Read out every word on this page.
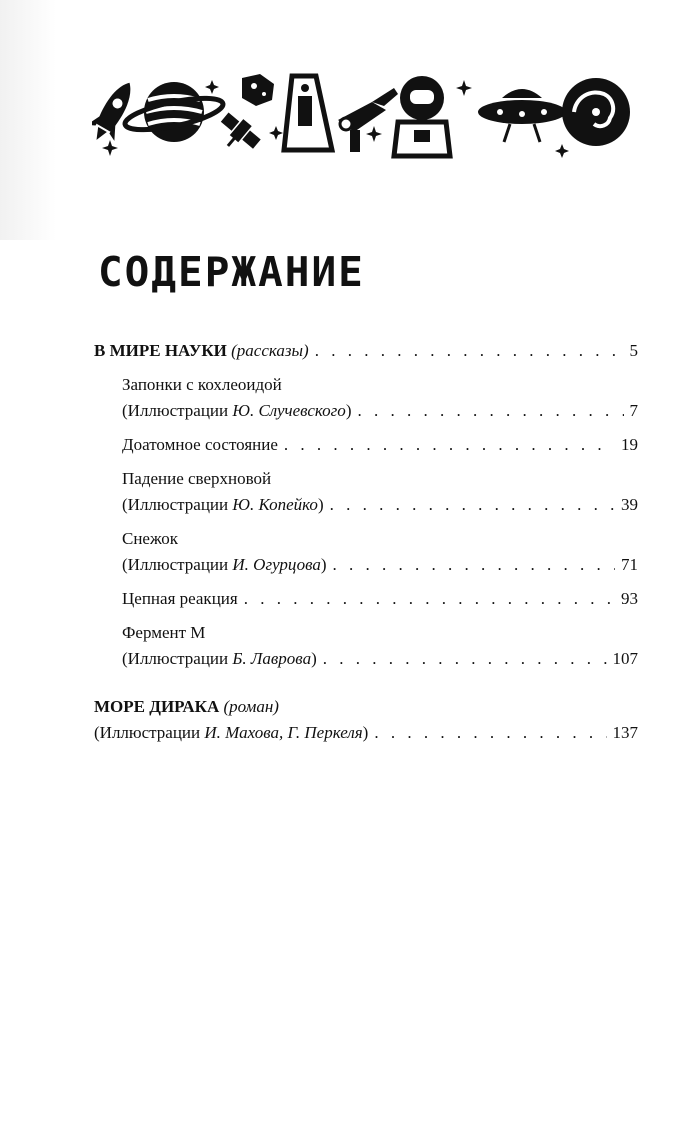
СОДЕРЖАНИЕ
В МИРЕ НАУКИ
(рассказы) . . .	5
Запонки с кохлеоидой
(Иллюстрации Ю. Случевского) . . .	7
Доатомное состояние . . .	19
Падение сверхновой
(Иллюстрации Ю. Копейко) . . .	39
Снежок
(Иллюстрации И. Огурцова) . . .	71
Цепная реакция . . .	93
Фермент М
(Иллюстрации Б. Лаврова) . . .	107
МОРЕ ДИРАКА
(роман)
(Иллюстрации И. Махова, Г. Перкеля) . . .	137
